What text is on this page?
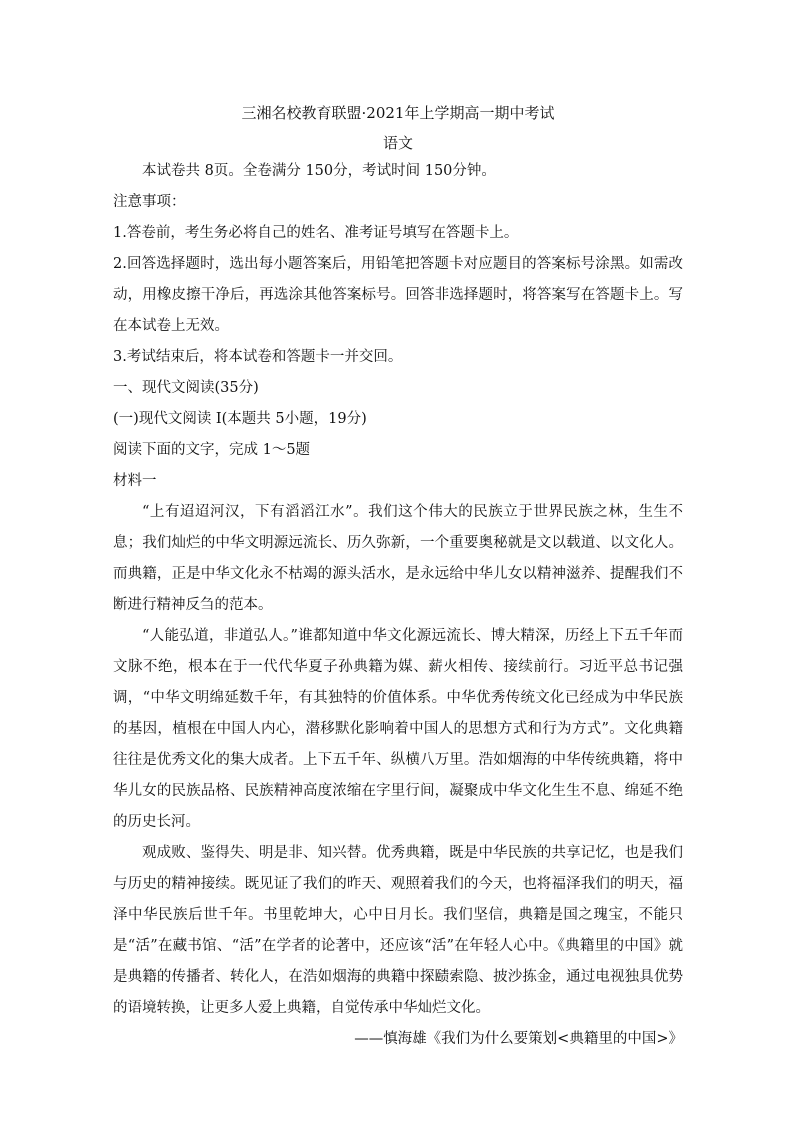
三湘名校教育联盟·2021年上学期高一期中考试

语文

本试卷共 8页。全卷满分 150分，考试时间 150分钟。

注意事项：

1.答卷前，考生务必将自己的姓名、准考证号填写在答题卡上。

2.回答选择题时，选出每小题答案后，用铅笔把答题卡对应题目的答案标号涂黑。如需改动，用橡皮擦干净后，再选涂其他答案标号。回答非选择题时，将答案写在答题卡上。写在本试卷上无效。

3.考试结束后，将本试卷和答题卡一并交回。

一、现代文阅读(35分)

(一)现代文阅读 I(本题共 5小题，19分)

阅读下面的文字，完成 1～5题

材料一

“上有迢迢河汉，下有滔滔江水”。我们这个伟大的民族立于世界民族之林，生生不息；我们灿烂的中华文明源远流长、历久弥新，一个重要奥秘就是文以载道、以文化人。而典籍，正是中华文化永不枯竭的源头活水，是永远给中华儿女以精神滋养、提醒我们不断进行精神反刍的范本。

“人能弘道，非道弘人。”谁都知道中华文化源远流长、博大精深，历经上下五千年而文脉不绝，根本在于一代代华夏子孙典籍为媒、薪火相传、接续前行。习近平总书记强调，“中华文明绵延数千年，有其独特的价值体系。中华优秀传统文化已经成为中华民族的基因，植根在中国人内心，潜移默化影响着中国人的思想方式和行为方式”。文化典籍往往是优秀文化的集大成者。上下五千年、纵横八万里。浩如烟海的中华传统典籍，将中华儿女的民族品格、民族精神高度浓缩在字里行间，凝聚成中华文化生生不息、绵延不绝的历史长河。

观成败、鉴得失、明是非、知兴替。优秀典籍，既是中华民族的共享记忆，也是我们与历史的精神接续。既见证了我们的昨天、观照着我们的今天，也将福泽我们的明天，福泽中华民族后世千年。书里乾坤大，心中日月长。我们坚信，典籍是国之瑰宝，不能只是“活”在藏书馆、“活”在学者的论著中，还应该“活”在年轻人心中。《典籍里的中国》就是典籍的传播者、转化人，在浩如烟海的典籍中探赜索隐、披沙拣金，通过电视独具优势的语境转换，让更多人爱上典籍，自觉传承中华灿烂文化。

——慎海雄《我们为什么要策划<典籍里的中国>》
